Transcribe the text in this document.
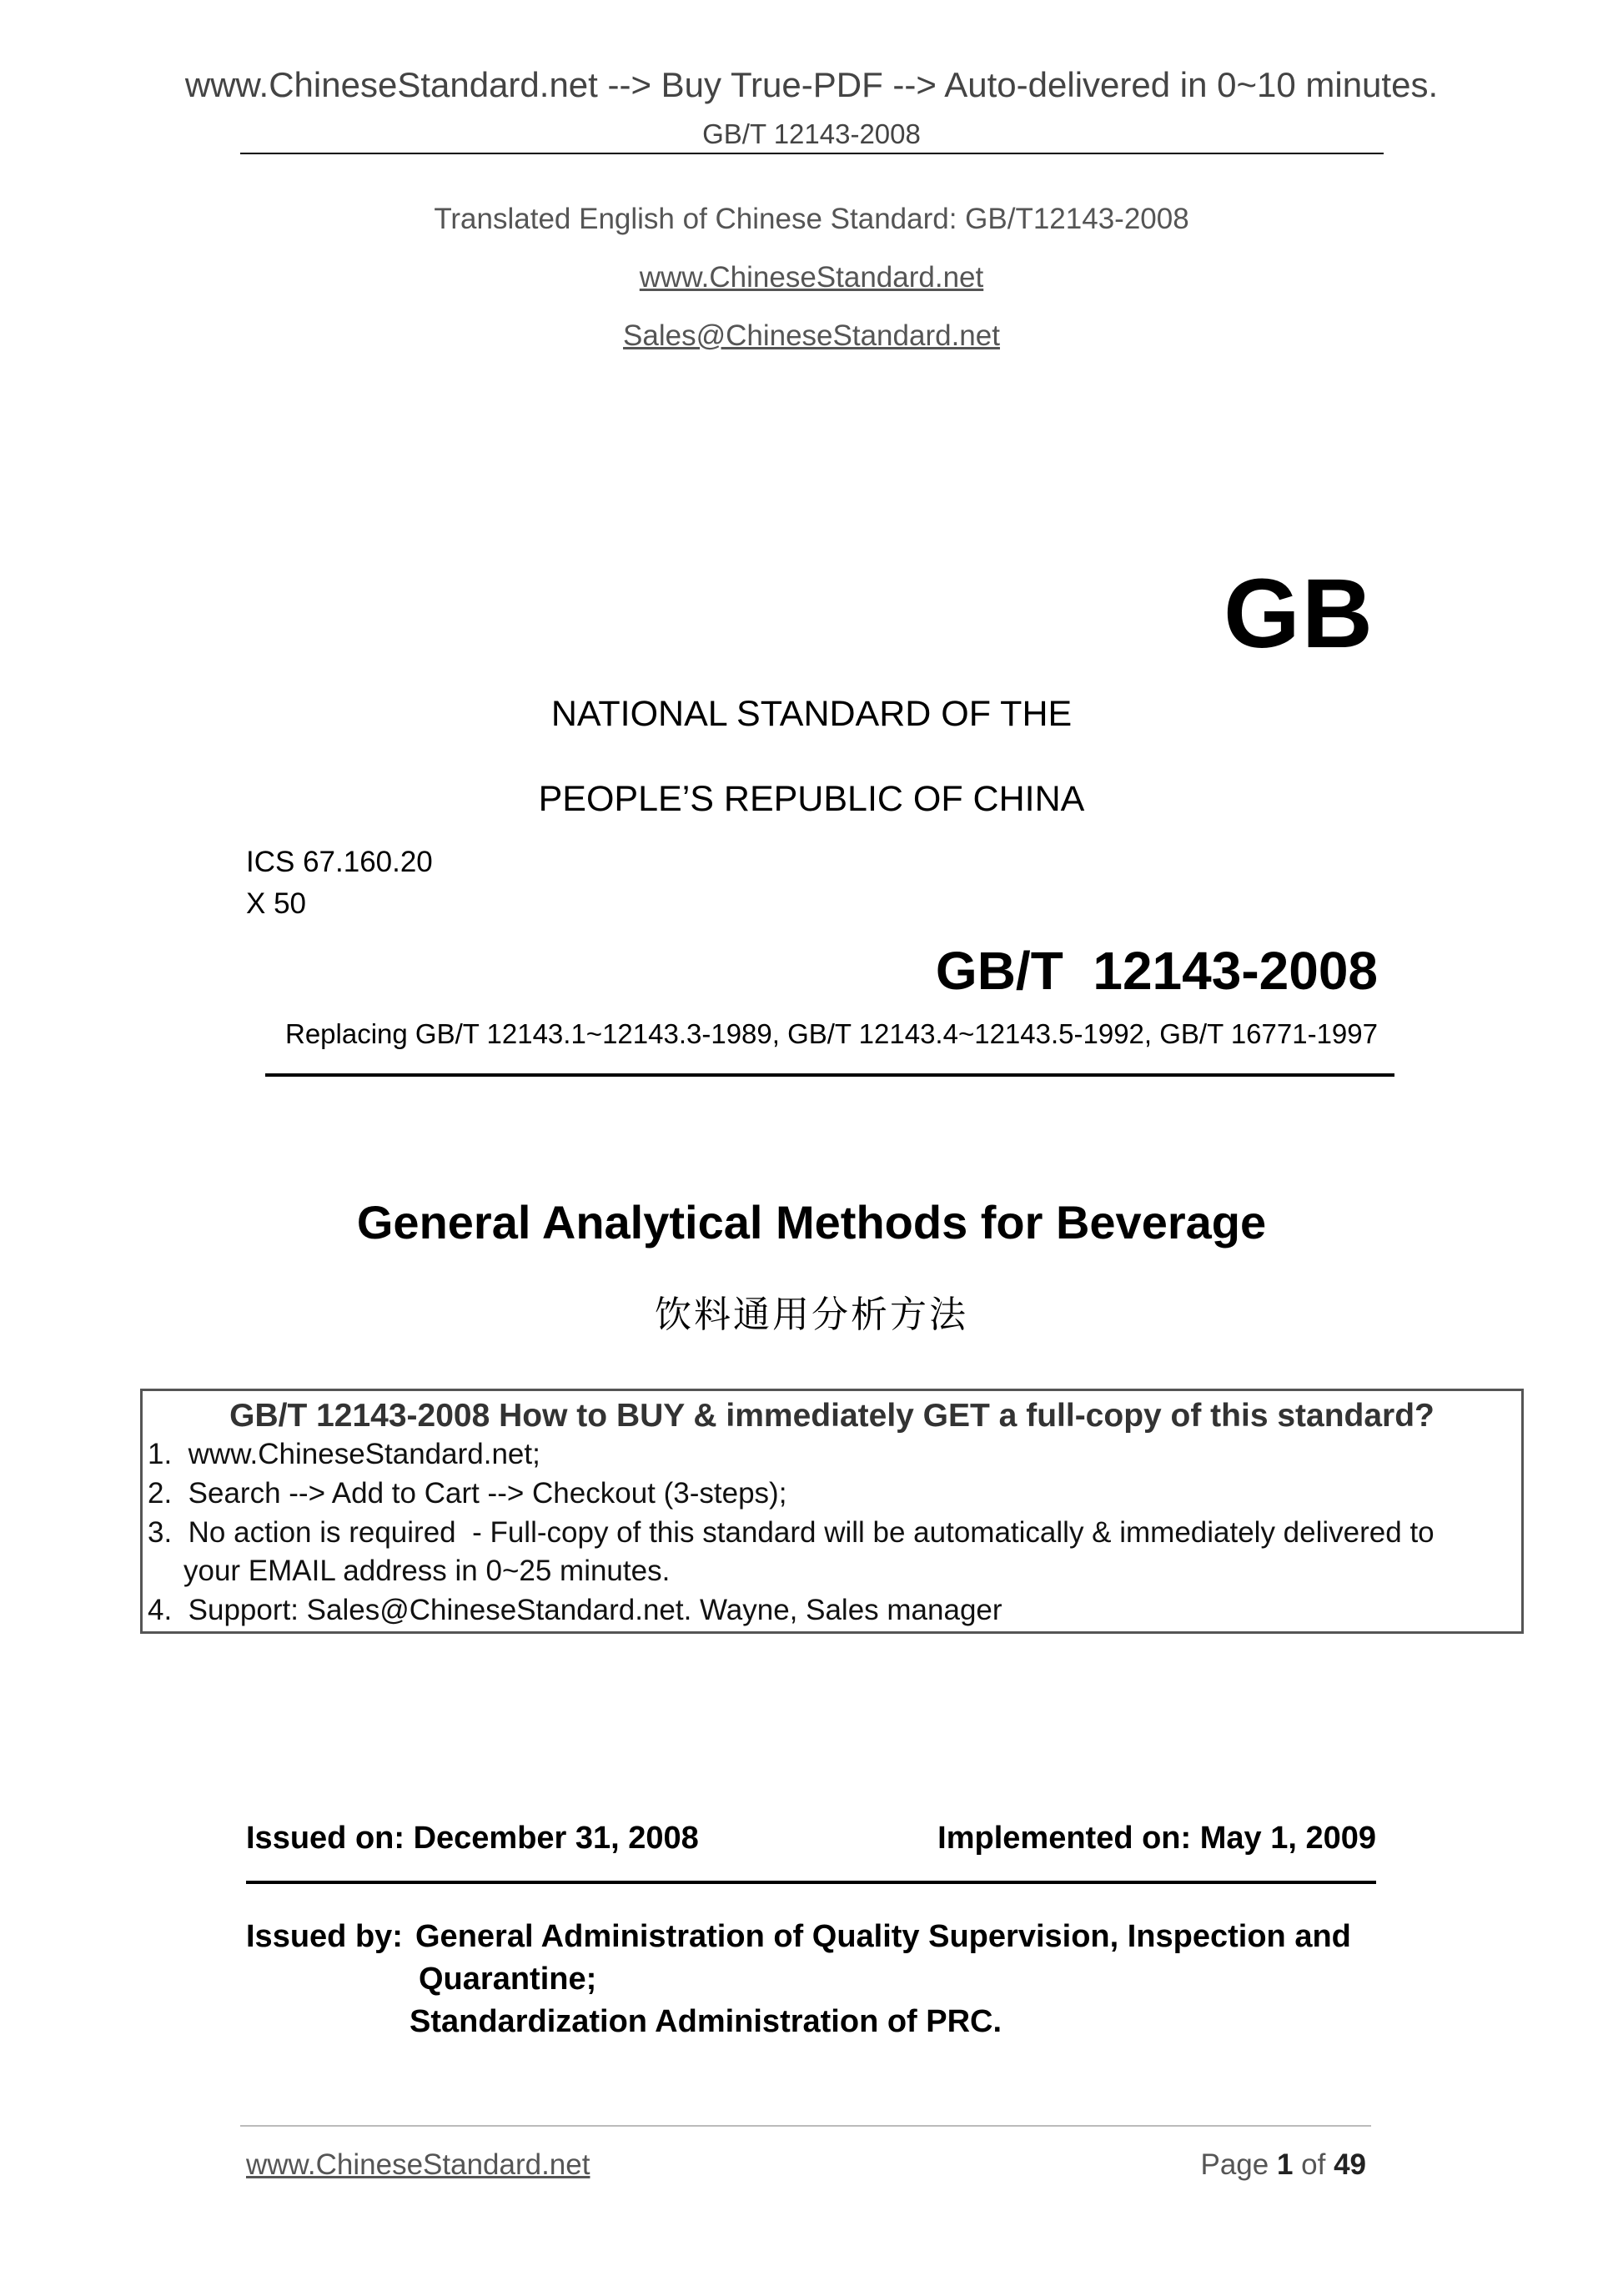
www.ChineseStandard.net --> Buy True-PDF --> Auto-delivered in 0~10 minutes.
GB/T 12143-2008
Translated English of Chinese Standard: GB/T12143-2008
www.ChineseStandard.net
Sales@ChineseStandard.net
GB
NATIONAL STANDARD OF THE
PEOPLE’S REPUBLIC OF CHINA
ICS 67.160.20
X 50
GB/T  12143-2008
Replacing GB/T 12143.1~12143.3-1989, GB/T 12143.4~12143.5-1992, GB/T 16771-1997
General Analytical Methods for Beverage
饮料通用分析方法
GB/T 12143-2008 How to BUY & immediately GET a full-copy of this standard?
1.  www.ChineseStandard.net;
2.  Search --> Add to Cart --> Checkout (3-steps);
3.  No action is required  - Full-copy of this standard will be automatically & immediately delivered to
your EMAIL address in 0~25 minutes.
4.  Support: Sales@ChineseStandard.net. Wayne, Sales manager
Issued on: December 31, 2008	Implemented on: May 1, 2009
Issued by: General Administration of Quality Supervision, Inspection and
Quarantine;
Standardization Administration of PRC.
www.ChineseStandard.net	Page 1 of 49
